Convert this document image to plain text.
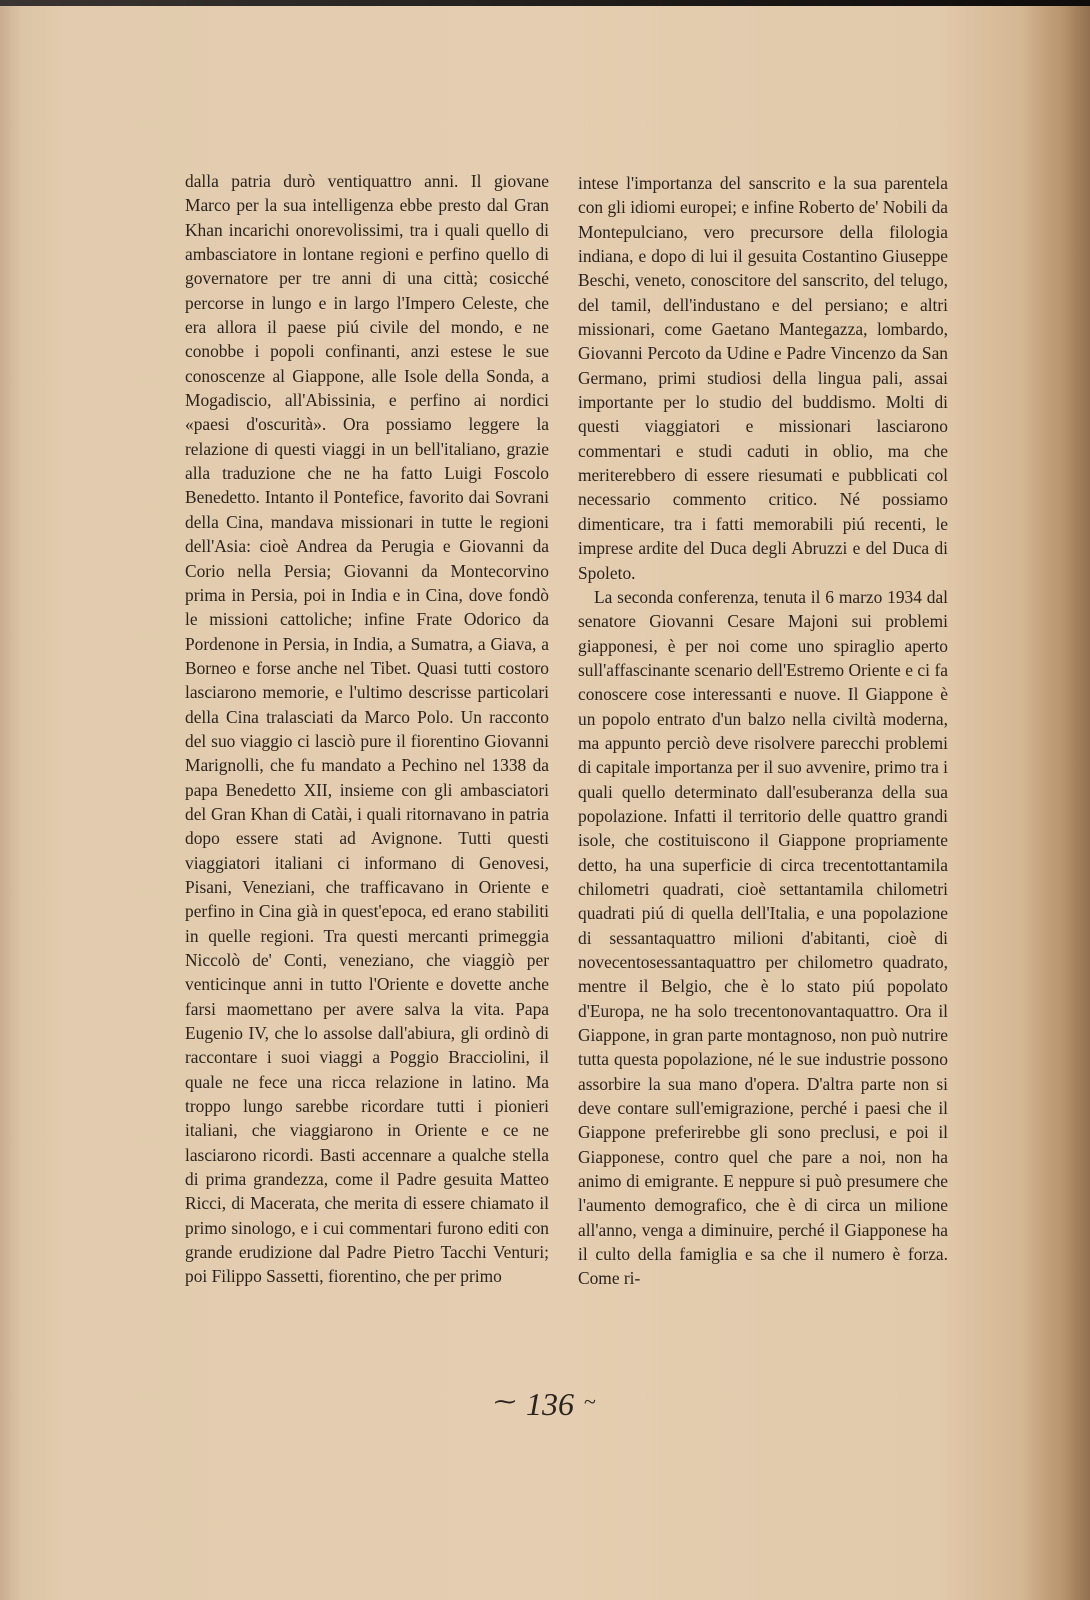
dalla patria durò ventiquattro anni. Il giovane Marco per la sua intelligenza ebbe presto dal Gran Khan incarichi onorevolissimi, tra i quali quello di ambasciatore in lontane regioni e perfino quello di governatore per tre anni di una città; cosicché percorse in lungo e in largo l'Impero Celeste, che era allora il paese piú civile del mondo, e ne conobbe i popoli confinanti, anzi estese le sue conoscenze al Giappone, alle Isole della Sonda, a Mogadiscio, all'Abissinia, e perfino ai nordici «paesi d'oscurità». Ora possiamo leggere la relazione di questi viaggi in un bell'italiano, grazie alla traduzione che ne ha fatto Luigi Foscolo Benedetto. Intanto il Pontefice, favorito dai Sovrani della Cina, mandava missionari in tutte le regioni dell'Asia: cioè Andrea da Perugia e Giovanni da Corio nella Persia; Giovanni da Montecorvino prima in Persia, poi in India e in Cina, dove fondò le missioni cattoliche; infine Frate Odorico da Pordenone in Persia, in India, a Sumatra, a Giava, a Borneo e forse anche nel Tibet. Quasi tutti costoro lasciarono memorie, e l'ultimo descrisse particolari della Cina tralasciati da Marco Polo. Un racconto del suo viaggio ci lasciò pure il fiorentino Giovanni Marignolli, che fu mandato a Pechino nel 1338 da papa Benedetto XII, insieme con gli ambasciatori del Gran Khan di Catài, i quali ritornavano in patria dopo essere stati ad Avignone. Tutti questi viaggiatori italiani ci informano di Genovesi, Pisani, Veneziani, che trafficavano in Oriente e perfino in Cina già in quest'epoca, ed erano stabiliti in quelle regioni. Tra questi mercanti primeggia Niccolò de' Conti, veneziano, che viaggiò per venticinque anni in tutto l'Oriente e dovette anche farsi maomettano per avere salva la vita. Papa Eugenio IV, che lo assolse dall'abiura, gli ordinò di raccontare i suoi viaggi a Poggio Bracciolini, il quale ne fece una ricca relazione in latino. Ma troppo lungo sarebbe ricordare tutti i pionieri italiani, che viaggiarono in Oriente e ce ne lasciarono ricordi. Basti accennare a qualche stella di prima grandezza, come il Padre gesuita Matteo Ricci, di Macerata, che merita di essere chiamato il primo sinologo, e i cui commentari furono editi con grande erudizione dal Padre Pietro Tacchi Venturi; poi Filippo Sassetti, fiorentino, che per primo

intese l'importanza del sanscrito e la sua parentela con gli idiomi europei; e infine Roberto de' Nobili da Montepulciano, vero precursore della filologia indiana, e dopo di lui il gesuita Costantino Giuseppe Beschi, veneto, conoscitore del sanscrito, del telugo, del tamil, dell'industano e del persiano; e altri missionari, come Gaetano Mantegazza, lombardo, Giovanni Percoto da Udine e Padre Vincenzo da San Germano, primi studiosi della lingua pali, assai importante per lo studio del buddismo. Molti di questi viaggiatori e missionari lasciarono commentari e studi caduti in oblio, ma che meriterebbero di essere riesumati e pubblicati col necessario commento critico. Né possiamo dimenticare, tra i fatti memorabili piú recenti, le imprese ardite del Duca degli Abruzzi e del Duca di Spoleto.

La seconda conferenza, tenuta il 6 marzo 1934 dal senatore Giovanni Cesare Majoni sui problemi giapponesi, è per noi come uno spiraglio aperto sull'affascinante scenario dell'Estremo Oriente e ci fa conoscere cose interessanti e nuove. Il Giappone è un popolo entrato d'un balzo nella civiltà moderna, ma appunto perciò deve risolvere parecchi problemi di capitale importanza per il suo avvenire, primo tra i quali quello determinato dall'esuberanza della sua popolazione. Infatti il territorio delle quattro grandi isole, che costituiscono il Giappone propriamente detto, ha una superficie di circa trecentottantamila chilometri quadrati, cioè settantamila chilometri quadrati piú di quella dell'Italia, e una popolazione di sessantaquattro milioni d'abitanti, cioè di novecentosessantaquattro per chilometro quadrato, mentre il Belgio, che è lo stato piú popolato d'Europa, ne ha solo trecentonovantaquattro. Ora il Giappone, in gran parte montagnoso, non può nutrire tutta questa popolazione, né le sue industrie possono assorbire la sua mano d'opera. D'altra parte non si deve contare sull'emigrazione, perché i paesi che il Giappone preferirebbe gli sono preclusi, e poi il Giapponese, contro quel che pare a noi, non ha animo di emigrante. E neppure si può presumere che l'aumento demografico, che è di circa un milione all'anno, venga a diminuire, perché il Giapponese ha il culto della famiglia e sa che il numero è forza. Come ri-

⁓ 136 ~
